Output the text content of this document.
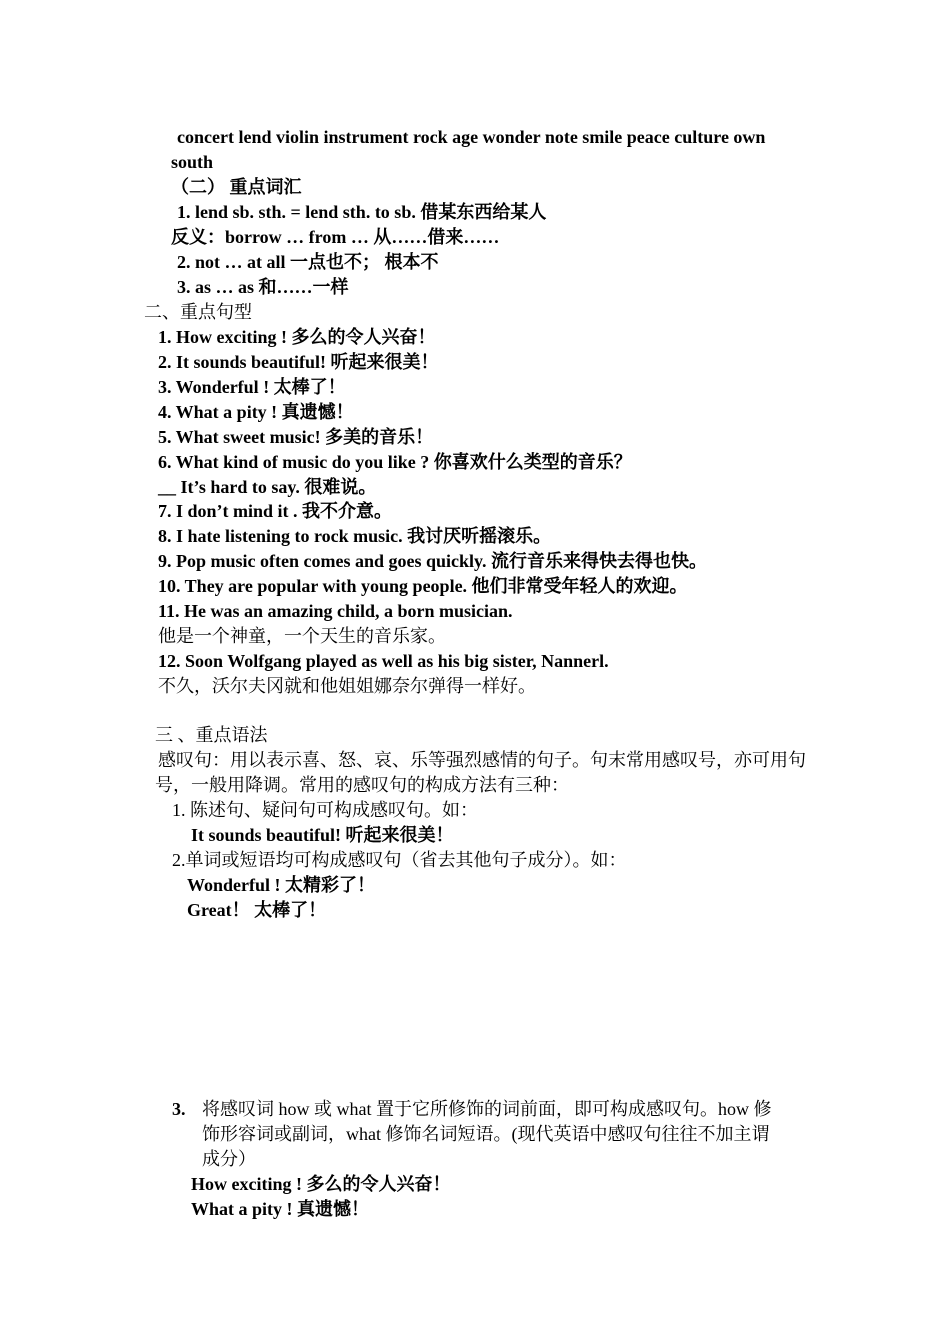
concert lend violin instrument rock age wonder note smile peace culture own
south
（二） 重点词汇
1. lend sb. sth. = lend sth. to sb. 借某东西给某人
反义：borrow … from … 从……借来……
2. not … at all 一点也不； 根本不
3. as … as 和……一样
二、重点句型
1. How exciting ! 多么的令人兴奋！
2. It sounds beautiful! 听起来很美！
3. Wonderful ! 太棒了！
4. What a pity ! 真遗憾！
5. What sweet music! 多美的音乐！
6. What kind of music do you like ? 你喜欢什么类型的音乐？
__ It’s hard to say. 很难说。
7. I don’t mind it . 我不介意。
8. I hate listening to rock music. 我讨厌听摇滚乐。
9. Pop music often comes and goes quickly. 流行音乐来得快去得也快。
10. They are popular with young people. 他们非常受年轻人的欢迎。
11. He was an amazing child, a born musician.
他是一个神童，一个天生的音乐家。
12. Soon Wolfgang played as well as his big sister, Nannerl.
不久，沃尔夫冈就和他姐姐娜奈尔弹得一样好。
三 、重点语法
感叹句：用以表示喜、怒、哀、乐等强烈感情的句子。句末常用感叹号，亦可用句
号，一般用降调。常用的感叹句的构成方法有三种：
1. 陈述句、疑问句可构成感叹句。如：
It sounds beautiful! 听起来很美！
2.单词或短语均可构成感叹句（省去其他句子成分）。如：
Wonderful ! 太精彩了！
Great！ 太棒了！
3. 将感叹词 how 或 what 置于它所修饰的词前面，即可构成感叹句。how 修
饰形容词或副词，what 修饰名词短语。(现代英语中感叹句往往不加主谓
成分）
How exciting ! 多么的令人兴奋！
What a pity ! 真遗憾！
